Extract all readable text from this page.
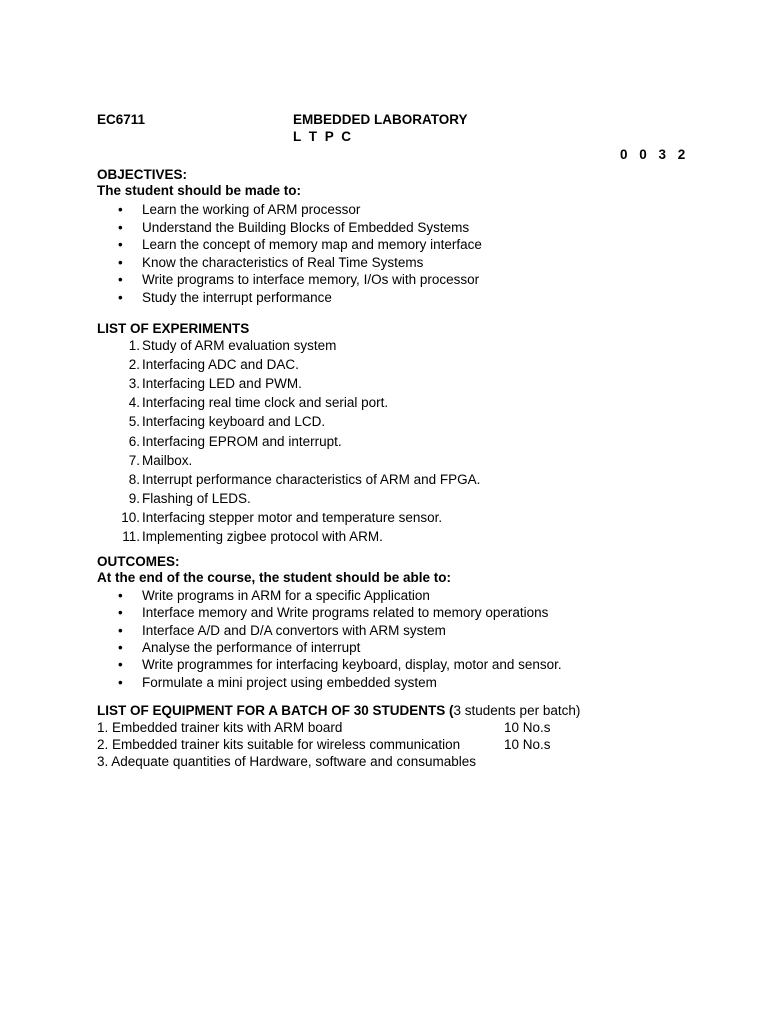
EC6711	EMBEDDED LABORATORY
L T P C
0 0 3 2
OBJECTIVES:
The student should be made to:
•	Learn the working of ARM processor
•	Understand the Building Blocks of Embedded Systems
•	Learn the concept of memory map and memory interface
•	Know the characteristics of Real Time Systems
•	Write programs to interface memory, I/Os with processor
•	Study the interrupt performance
LIST OF EXPERIMENTS
1. Study of ARM evaluation system
2. Interfacing ADC and DAC.
3. Interfacing LED and PWM.
4. Interfacing real time clock and serial port.
5. Interfacing keyboard and LCD.
6. Interfacing EPROM and interrupt.
7. Mailbox.
8. Interrupt performance characteristics of ARM and FPGA.
9. Flashing of LEDS.
10. Interfacing stepper motor and temperature sensor.
11. Implementing zigbee protocol with ARM.
OUTCOMES:
At the end of the course, the student should be able to:
•	Write programs in ARM for a specific Application
•	Interface memory and Write programs related to memory operations
•	Interface A/D and D/A convertors with ARM system
•	Analyse the performance of interrupt
•	Write programmes for interfacing keyboard, display, motor and sensor.
•	Formulate a mini project using embedded system
LIST OF EQUIPMENT FOR A BATCH OF 30 STUDENTS (3 students per batch)
1. Embedded trainer kits with ARM board	10 No.s
2. Embedded trainer kits suitable for wireless communication	10 No.s
3. Adequate quantities of Hardware, software and consumables
